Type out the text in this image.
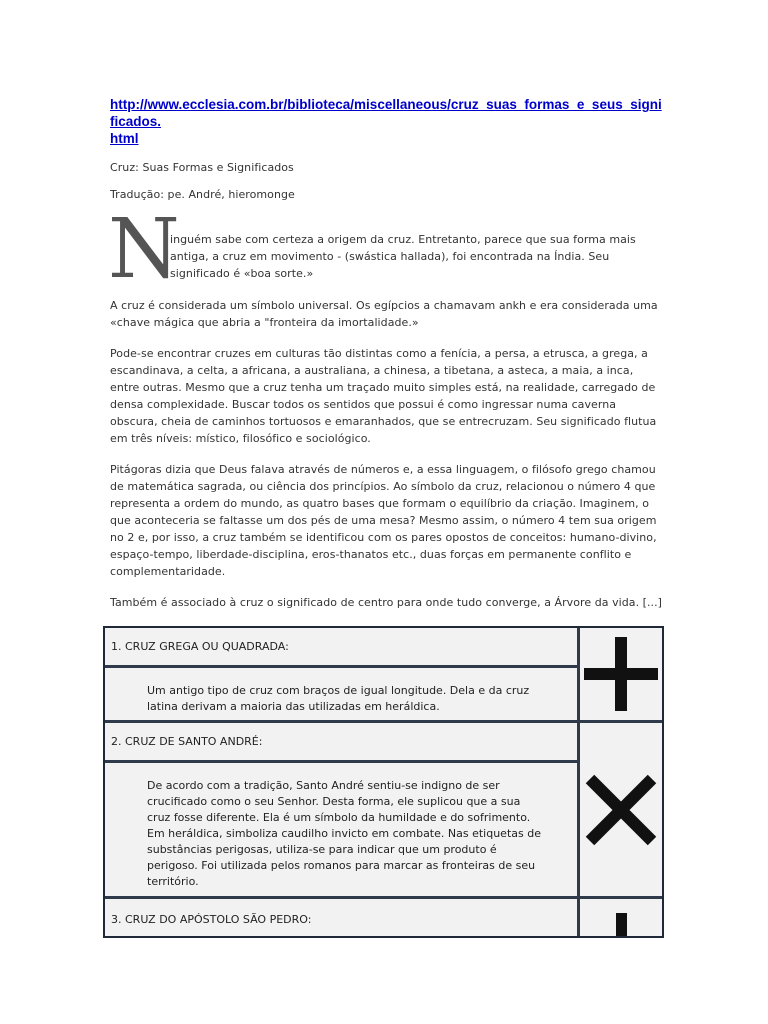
http://www.ecclesia.com.br/biblioteca/miscellaneous/cruz_suas_formas_e_seus_significados.
html

Cruz: Suas Formas e Significados

Tradução: pe. André, hieromonge

N

inguém sabe com certeza a origem da cruz. Entretanto, parece que sua forma mais antiga, a cruz em movimento - (swástica hallada), foi encontrada na Índia. Seu significado é «boa sorte.»

A cruz é considerada um símbolo universal. Os egípcios a chamavam ankh e era considerada uma «chave mágica que abria a "fronteira da imortalidade.»

Pode-se encontrar cruzes em culturas tão distintas como a fenícia, a persa, a etrusca, a grega, a escandinava, a celta, a africana, a australiana, a chinesa, a tibetana, a asteca, a maia, a inca, entre outras. Mesmo que a cruz tenha um traçado muito simples está, na realidade, carregado de densa complexidade. Buscar todos os sentidos que possui é como ingressar numa caverna obscura, cheia de caminhos tortuosos e emaranhados, que se entrecruzam. Seu significado flutua em três níveis: místico, filosófico e sociológico.

Pitágoras dizia que Deus falava através de números e, a essa linguagem, o filósofo grego chamou de matemática sagrada, ou ciência dos princípios. Ao símbolo da cruz, relacionou o número 4 que representa a ordem do mundo, as quatro bases que formam o equilíbrio da criação. Imaginem, o que aconteceria se faltasse um dos pés de uma mesa? Mesmo assim, o número 4 tem sua origem no 2 e, por isso, a cruz também se identificou com os pares opostos de conceitos: humano-divino, espaço-tempo, liberdade-disciplina, eros-thanatos etc., duas forças em permanente conflito e complementaridade.

Também é associado à cruz o significado de centro para onde tudo converge, a Árvore da vida. [...]

1. CRUZ GREGA OU QUADRADA:
Um antigo tipo de cruz com braços de igual longitude. Dela e da cruz latina derivam a maioria das utilizadas em heráldica.
2. CRUZ DE SANTO ANDRÉ:
De acordo com a tradição, Santo André sentiu-se indigno de ser crucificado como o seu Senhor. Desta forma, ele suplicou que a sua cruz fosse diferente. Ela é um símbolo da humildade e do sofrimento. Em heráldica, simboliza caudilho invicto em combate. Nas etiquetas de substâncias perigosas, utiliza-se para indicar que um produto é perigoso. Foi utilizada pelos romanos para marcar as fronteiras de seu território.
3. CRUZ DO APÓSTOLO SÃO PEDRO:
